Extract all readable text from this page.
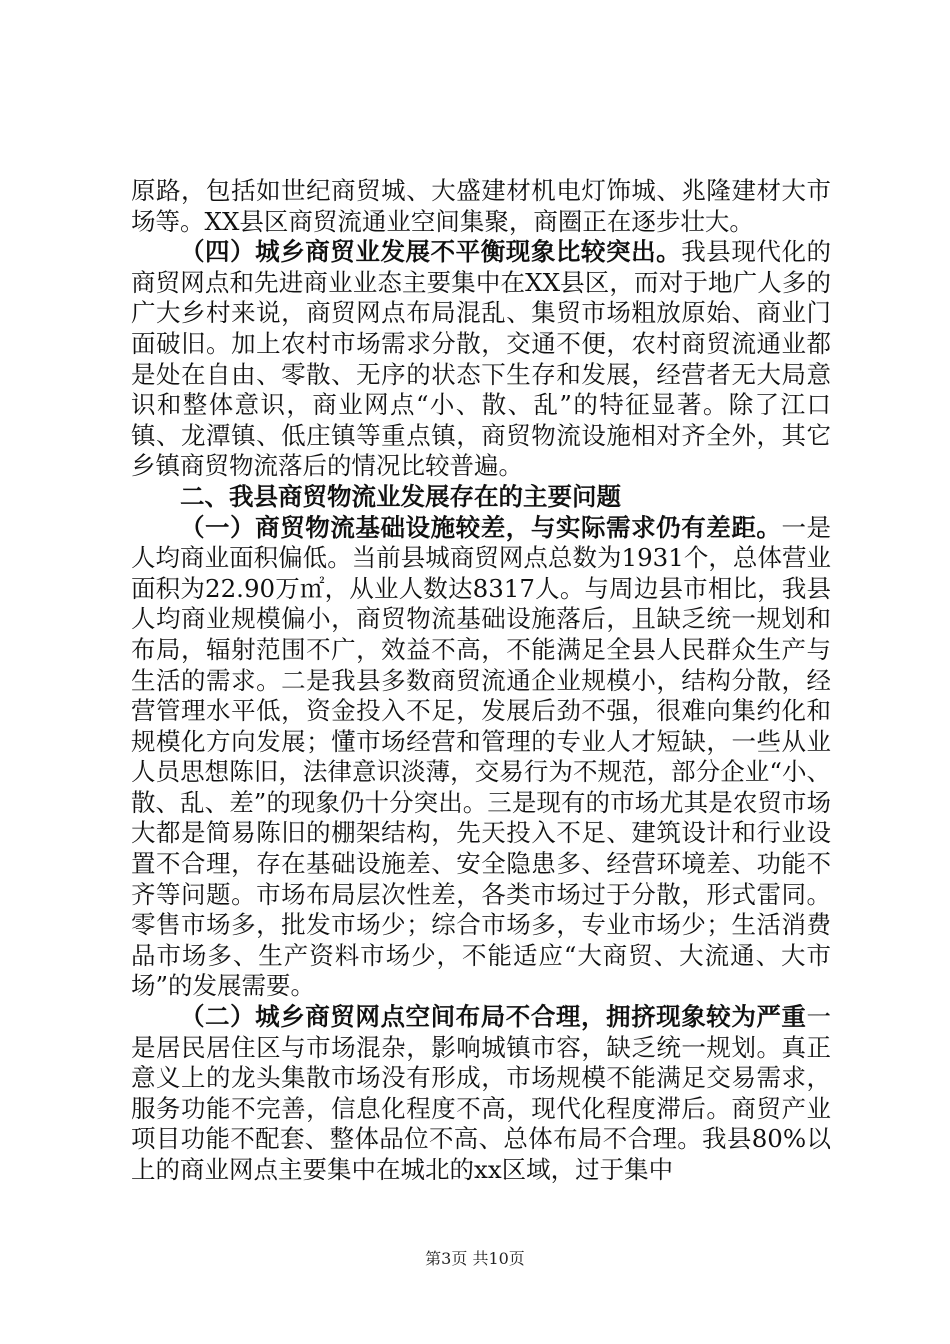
原路，包括如世纪商贸城、大盛建材机电灯饰城、兆隆建材大市场等。XX县区商贸流通业空间集聚，商圈正在逐步壮大。

（四）城乡商贸业发展不平衡现象比较突出。我县现代化的商贸网点和先进商业业态主要集中在XX县区，而对于地广人多的广大乡村来说，商贸网点布局混乱、集贸市场粗放原始、商业门面破旧。加上农村市场需求分散，交通不便，农村商贸流通业都是处在自由、零散、无序的状态下生存和发展，经营者无大局意识和整体意识，商业网点“小、散、乱”的特征显著。除了江口镇、龙潭镇、低庄镇等重点镇，商贸物流设施相对齐全外，其它乡镇商贸物流落后的情况比较普遍。

二、我县商贸物流业发展存在的主要问题

（一）商贸物流基础设施较差，与实际需求仍有差距。一是人均商业面积偏低。当前县城商贸网点总数为1931个，总体营业面积为22.90万㎡，从业人数达8317人。与周边县市相比，我县人均商业规模偏小，商贸物流基础设施落后，且缺乏统一规划和布局，辐射范围不广，效益不高，不能满足全县人民群众生产与生活的需求。二是我县多数商贸流通企业规模小，结构分散，经营管理水平低，资金投入不足，发展后劲不强，很难向集约化和规模化方向发展；懂市场经营和管理的专业人才短缺，一些从业人员思想陈旧，法律意识淡薄，交易行为不规范，部分企业“小、散、乱、差”的现象仍十分突出。三是现有的市场尤其是农贸市场大都是简易陈旧的棚架结构，先天投入不足、建筑设计和行业设置不合理，存在基础设施差、安全隐患多、经营环境差、功能不齐等问题。市场布局层次性差，各类市场过于分散，形式雷同。零售市场多，批发市场少；综合市场多，专业市场少；生活消费品市场多、生产资料市场少，不能适应“大商贸、大流通、大市场”的发展需要。

（二）城乡商贸网点空间布局不合理，拥挤现象较为严重一是居民居住区与市场混杂，影响城镇市容，缺乏统一规划。真正意义上的龙头集散市场没有形成，市场规模不能满足交易需求，服务功能不完善，信息化程度不高，现代化程度滞后。商贸产业项目功能不配套、整体品位不高、总体布局不合理。我县80%以上的商业网点主要集中在城北的xx区域，过于集中

第3页 共10页
